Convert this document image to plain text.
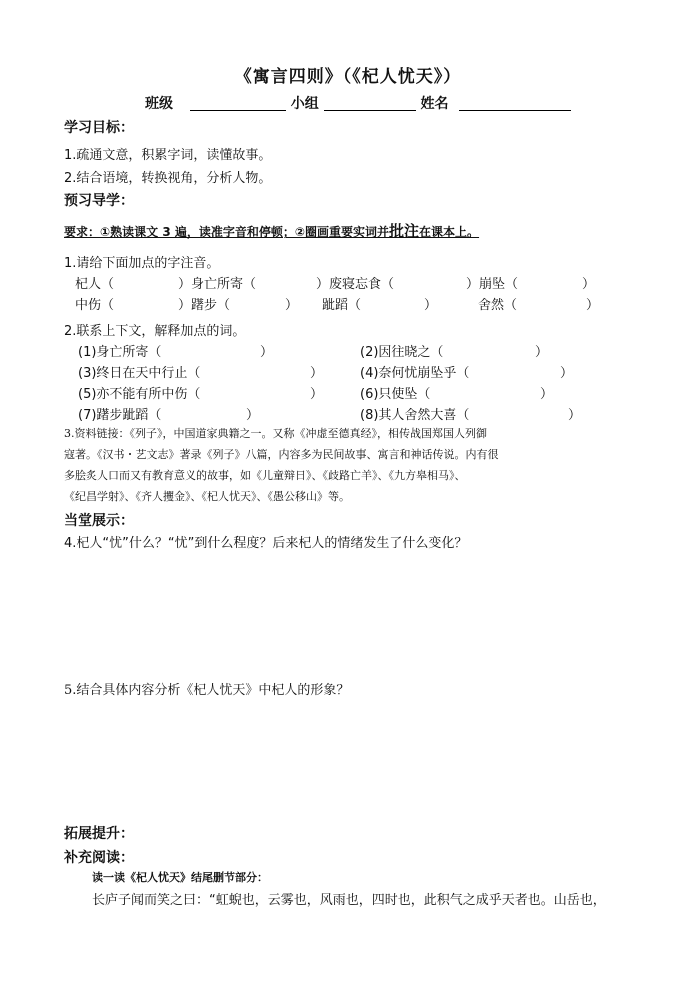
《寓言四则》（《杞人忧天》）
班级	小组	姓名
学习目标：
1.疏通文意，积累字词，读懂故事。
2.结合语境，转换视角，分析人物。
预习导学：
要求：①熟读课文 3 遍，读准字音和停顿；②圈画重要实词并批注在课本上。
1.请给下面加点的字注音。
杞人（	）身亡所寄（	）废寝忘食（	）崩坠（	）
中伤（	）躇步（	） 跐蹈（	）	舍然（	）
2.联系上下文，解释加点的词。
(1)身亡所寄（	）	(2)因往晓之（	）
(3)终日在天中行止（	）	(4)奈何忧崩坠乎（	）
(5)亦不能有所中伤（	）	(6)只使坠（	）
(7)躇步跐蹈（	）	(8)其人舍然大喜（	）
3.资料链接：《列子》，中国道家典籍之一。又称《冲虚至德真经》，相传战国郑国人列御
寇著。《汉书・艺文志》著录《列子》八篇，内容多为民间故事、寓言和神话传说。内有很
多脍炙人口而又有教育意义的故事，如《儿童辩日》、《歧路亡羊》、《九方皋相马》、
《纪昌学射》、《齐人攫金》、《杞人忧天》、《愚公移山》等。
当堂展示：
4.杞人“忧”什么？“忧”到什么程度？后来杞人的情绪发生了什么变化？
5.结合具体内容分析《杞人忧天》中杞人的形象？
拓展提升：
补充阅读：
读一读《杞人忧天》结尾删节部分：
长庐子闻而笑之曰：“虹蜺也，云雾也，风雨也，四时也，此积气之成乎天者也。山岳也，
